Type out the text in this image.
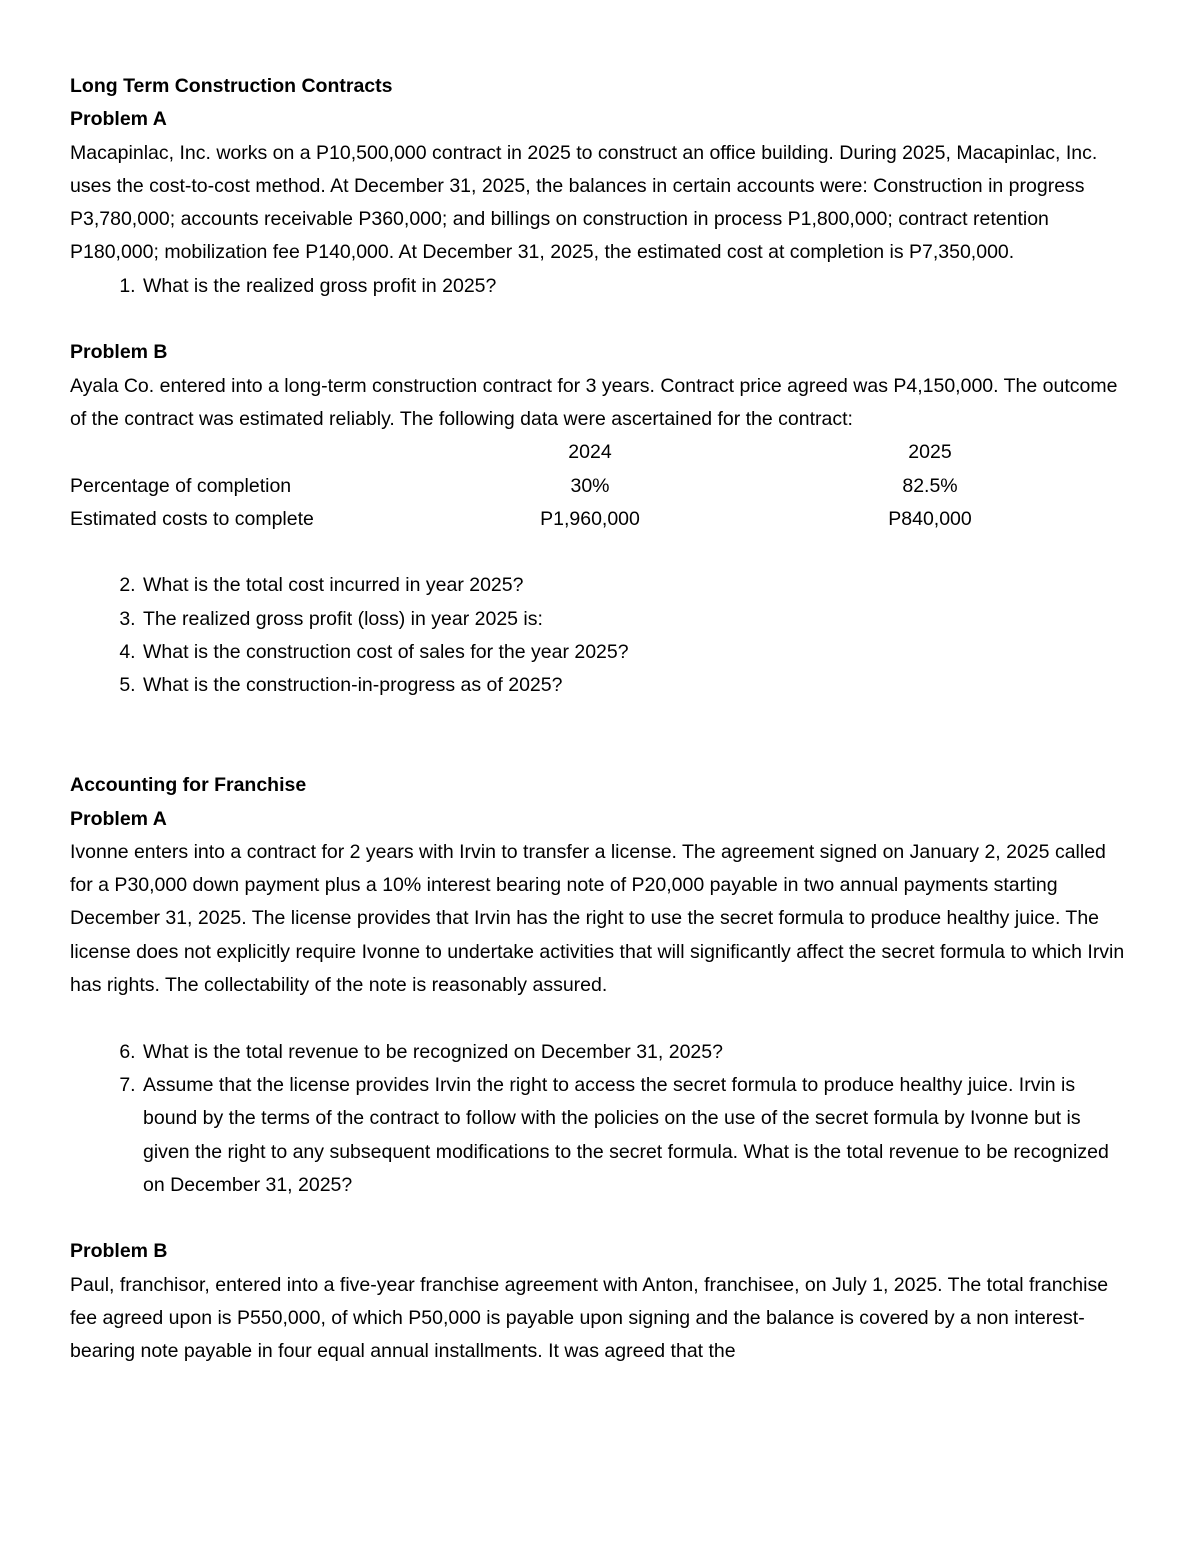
Long Term Construction Contracts
Problem A

Macapinlac, Inc. works on a P10,500,000 contract in 2025 to construct an office building. During 2025, Macapinlac, Inc. uses the cost-to-cost method. At December 31, 2025, the balances in certain accounts were: Construction in progress P3,780,000; accounts receivable P360,000; and billings on construction in process P1,800,000; contract retention P180,000; mobilization fee P140,000. At December 31, 2025, the estimated cost at completion is P7,350,000.

1. What is the realized gross profit in 2025?
Problem B

Ayala Co. entered into a long-term construction contract for 3 years. Contract price agreed was P4,150,000. The outcome of the contract was estimated reliably. The following data were ascertained for the contract:

	2024	2025
Percentage of completion	30%	82.5%
Estimated costs to complete	P1,960,000	P840,000
2. What is the total cost incurred in year 2025?
3. The realized gross profit (loss) in year 2025 is:
4. What is the construction cost of sales for the year 2025?
5. What is the construction-in-progress as of 2025?
Accounting for Franchise
Problem A

Ivonne enters into a contract for 2 years with Irvin to transfer a license. The agreement signed on January 2, 2025 called for a P30,000 down payment plus a 10% interest bearing note of P20,000 payable in two annual payments starting December 31, 2025. The license provides that Irvin has the right to use the secret formula to produce healthy juice. The license does not explicitly require Ivonne to undertake activities that will significantly affect the secret formula to which Irvin has rights. The collectability of the note is reasonably assured.

6. What is the total revenue to be recognized on December 31, 2025?
7. Assume that the license provides Irvin the right to access the secret formula to produce healthy juice. Irvin is bound by the terms of the contract to follow with the policies on the use of the secret formula by Ivonne but is given the right to any subsequent modifications to the secret formula. What is the total revenue to be recognized on December 31, 2025?
Problem B

Paul, franchisor, entered into a five-year franchise agreement with Anton, franchisee, on July 1, 2025. The total franchise fee agreed upon is P550,000, of which P50,000 is payable upon signing and the balance is covered by a non interest-bearing note payable in four equal annual installments. It was agreed that the
